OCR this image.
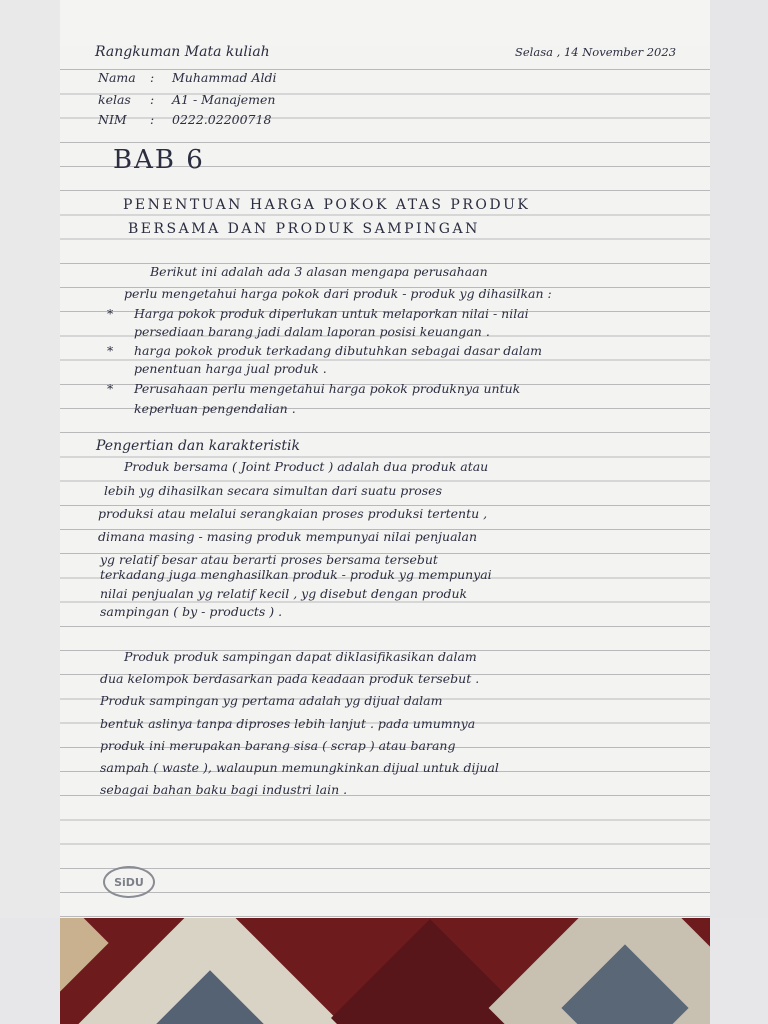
Rangkuman Mata kuliah	Selasa , 14 November 2023
Nama : Muhammad Aldi
kelas : A1 - Manajemen
NIM : 0222.02200718
BAB 6
PENENTUAN HARGA POKOK ATAS PRODUK
BERSAMA DAN PRODUK SAMPINGAN
Berikut ini adalah ada 3 alasan mengapa perusahaan
perlu mengetahui harga pokok dari produk - produk yg dihasilkan :
* Harga pokok produk diperlukan untuk melaporkan nilai - nilai
persediaan barang jadi dalam laporan posisi keuangan .
* harga pokok produk terkadang dibutuhkan sebagai dasar dalam
penentuan harga jual produk .
* Perusahaan perlu mengetahui harga pokok produknya untuk
keperluan pengendalian .
Pengertian dan karakteristik
Produk bersama ( Joint Product ) adalah dua produk atau
lebih yg dihasilkan secara simultan dari suatu proses
produksi atau melalui serangkaian proses produksi tertentu ,
dimana masing - masing produk mempunyai nilai penjualan
yg relatif besar atau berarti proses bersama tersebut
terkadang juga menghasilkan produk - produk yg mempunyai
nilai penjualan yg relatif kecil , yg disebut dengan produk
sampingan ( by - products ) .
Produk produk sampingan dapat diklasifikasikan dalam
dua kelompok berdasarkan pada keadaan produk tersebut .
Produk sampingan yg pertama adalah yg dijual dalam
bentuk aslinya tanpa diproses lebih lanjut . pada umumnya
produk ini merupakan barang sisa ( scrap ) atau barang
sampah ( waste ), walaupun memungkinkan dijual untuk dijual
sebagai bahan baku bagi industri lain .
SiDU
